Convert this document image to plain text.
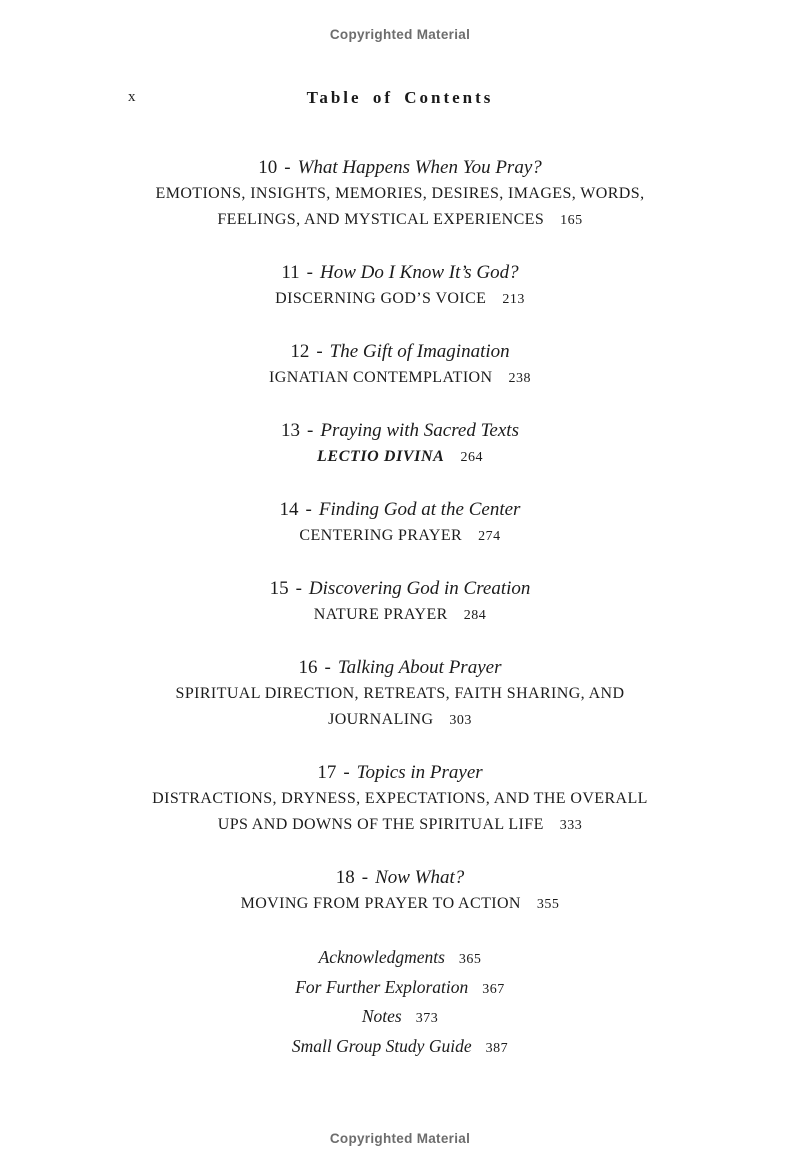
Copyrighted Material
x	Table of Contents
10 - What Happens When You Pray?
EMOTIONS, INSIGHTS, MEMORIES, DESIRES, IMAGES, WORDS,
FEELINGS, AND MYSTICAL EXPERIENCES 165
11 - How Do I Know It’s God?
DISCERNING GOD’S VOICE 213
12 - The Gift of Imagination
IGNATIAN CONTEMPLATION 238
13 - Praying with Sacred Texts
LECTIO DIVINA 264
14 - Finding God at the Center
CENTERING PRAYER 274
15 - Discovering God in Creation
NATURE PRAYER 284
16 - Talking About Prayer
SPIRITUAL DIRECTION, RETREATS, FAITH SHARING, AND
JOURNALING 303
17 - Topics in Prayer
DISTRACTIONS, DRYNESS, EXPECTATIONS, AND THE OVERALL
UPS AND DOWNS OF THE SPIRITUAL LIFE 333
18 - Now What?
MOVING FROM PRAYER TO ACTION 355
Acknowledgments 365
For Further Exploration 367
Notes 373
Small Group Study Guide 387
Copyrighted Material
